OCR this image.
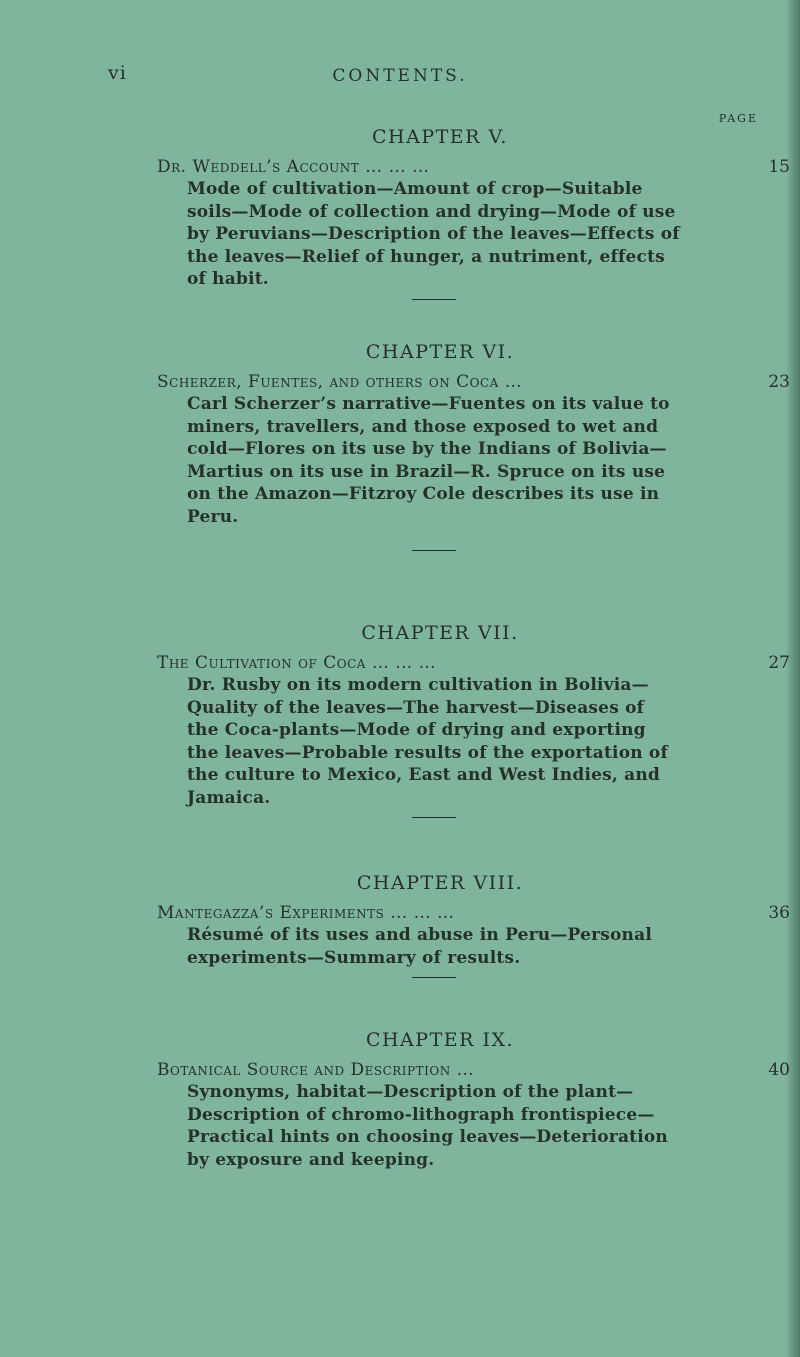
vi	CONTENTS.
PAGE
CHAPTER V.
Dr. Weddell’s Account … … …	15
Mode of cultivation—Amount of crop—Suitable soils—Mode of collection and drying—Mode of use by Peruvians—Description of the leaves—Effects of the leaves—Relief of hunger, a nutriment, effects of habit.
CHAPTER VI.
Scherzer, Fuentes, and others on Coca …	23
Carl Scherzer’s narrative—Fuentes on its value to miners, travellers, and those exposed to wet and cold—Flores on its use by the Indians of Bolivia—Martius on its use in Brazil—R. Spruce on its use on the Amazon—Fitzroy Cole describes its use in Peru.
CHAPTER VII.
The Cultivation of Coca … … …	27
Dr. Rusby on its modern cultivation in Bolivia—Quality of the leaves—The harvest—Diseases of the Coca-plants—Mode of drying and exporting the leaves—Probable results of the exportation of the culture to Mexico, East and West Indies, and Jamaica.
CHAPTER VIII.
Mantegazza’s Experiments … … …	36
Résumé of its uses and abuse in Peru—Personal experiments—Summary of results.
CHAPTER IX.
Botanical Source and Description …	40
Synonyms, habitat—Description of the plant—Description of chromo-lithograph frontispiece—Practical hints on choosing leaves—Deterioration by exposure and keeping.
